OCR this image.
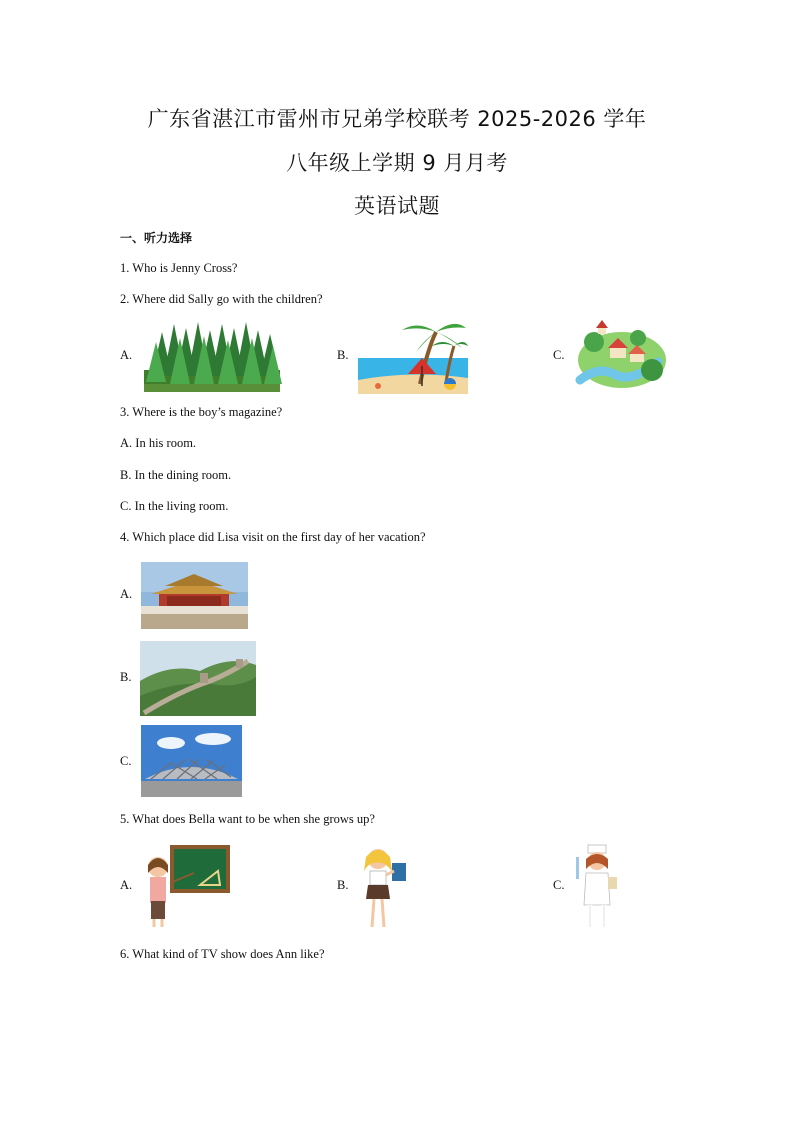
广东省湛江市雷州市兄弟学校联考 2025-2026 学年
八年级上学期 9 月月考
英语试题
一、听力选择
1. Who is Jenny Cross?
2. Where did Sally go with the children?
A.	B.	C.
3. Where is the boy’s magazine?
A. In his room.
B. In the dining room.
C. In the living room.
4. Which place did Lisa visit on the first day of her vacation?
A.
B.
C.
5. What does Bella want to be when she grows up?
A.	B.	C.
6. What kind of TV show does Ann like?
